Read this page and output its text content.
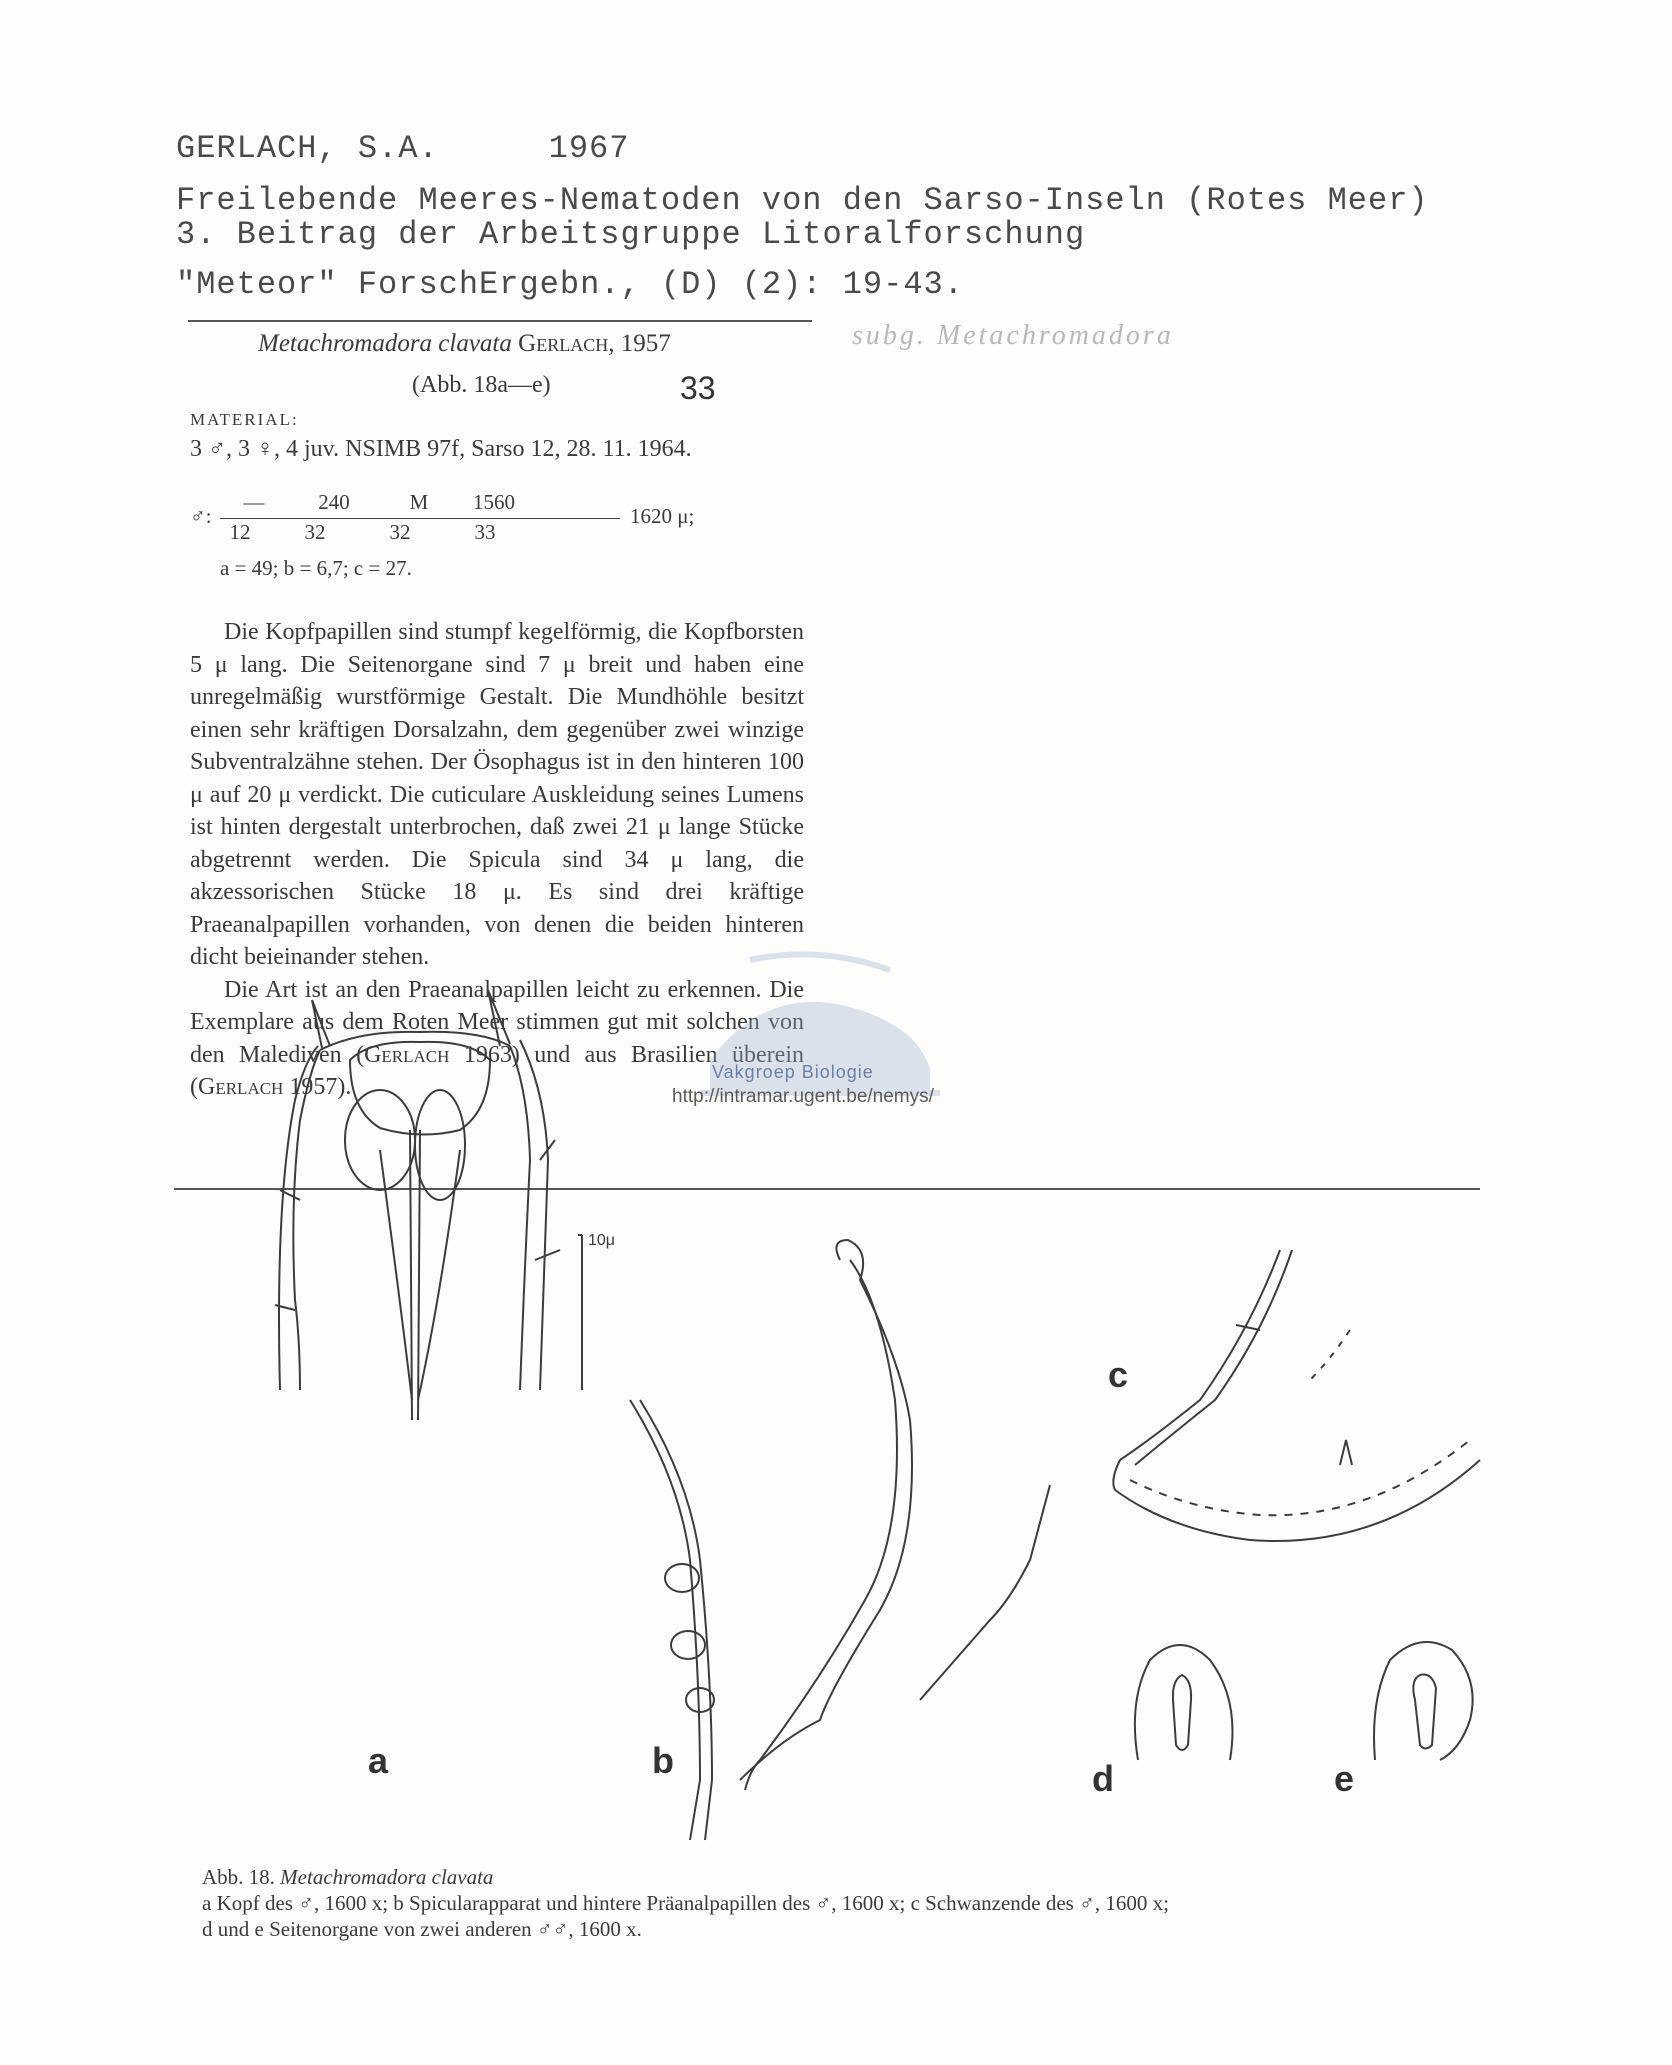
GERLACH, S.A.	1967
Freilebende Meeres-Nematoden von den Sarso-Inseln (Rotes Meer)
3. Beitrag der Arbeitsgruppe Litoralforschung
"Meteor" ForschErgebn., (D) (2): 19-43.
Metachromadora clavata Gerlach, 1957	subg. Metachromadora
(Abb. 18a—e)	33
MATERIAL:
3 ♂, 3 ♀, 4 juv. NSIMB 97f, Sarso 12, 28. 11. 1964.
♂:
—	240	M 1560
12	32	32	33
1620 μ;
a = 49; b = 6,7; c = 27.

Die Kopfpapillen sind stumpf kegelförmig, die Kopfborsten 5 μ lang. Die Seitenorgane sind 7 μ breit und haben eine unregelmäßig wurstförmige Gestalt. Die Mundhöhle besitzt einen sehr kräftigen Dorsalzahn, dem gegenüber zwei winzige Subventralzähne stehen. Der Ösophagus ist in den hinteren 100 μ auf 20 μ verdickt. Die cuticulare Auskleidung seines Lumens ist hinten dergestalt unterbrochen, daß zwei 21 μ lange Stücke abgetrennt werden. Die Spicula sind 34 μ lang, die akzessorischen Stücke 18 μ. Es sind drei kräftige Praeanalpapillen vorhanden, von denen die beiden hinteren dicht beieinander stehen.

Die Art ist an den Praeanalpapillen leicht zu erkennen. Die Exemplare aus dem Roten Meer stimmen gut mit solchen von den Malediven (Gerlach 1963) und aus Brasilien überein (Gerlach 1957).	http://intramar.ugent.be/nemys/
Vakgroep Biologie
10μ
a	b
c
d	e
Abb. 18. Metachromadora clavata
a Kopf des ♂, 1600 x; b Spicularapparat und hintere Präanalpapillen des ♂, 1600 x; c Schwanzende des ♂, 1600 x;
d und e Seitenorgane von zwei anderen ♂♂, 1600 x.
